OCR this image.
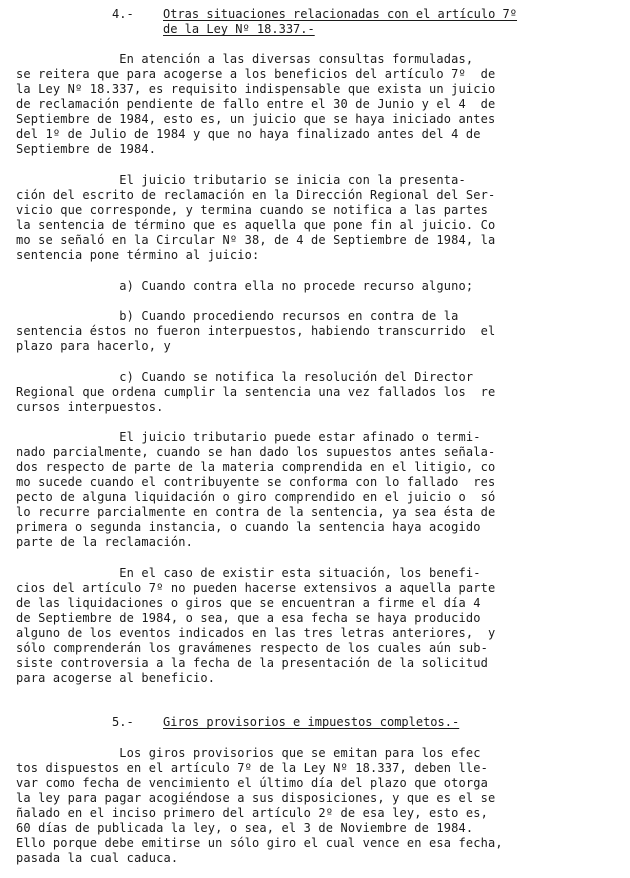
4.- Otras situaciones relacionadas con el artículo 7º
de la Ley Nº 18.337.-
En atención a las diversas consultas formuladas,
se reitera que para acogerse a los beneficios del artículo 7º  de
la Ley Nº 18.337, es requisito indispensable que exista un juicio
de reclamación pendiente de fallo entre el 30 de Junio y el 4  de
Septiembre de 1984, esto es, un juicio que se haya iniciado antes
del 1º de Julio de 1984 y que no haya finalizado antes del 4 de
Septiembre de 1984.
El juicio tributario se inicia con la presenta-
ción del escrito de reclamación en la Dirección Regional del Ser-
vicio que corresponde, y termina cuando se notifica a las partes
la sentencia de término que es aquella que pone fin al juicio. Co
mo se señaló en la Circular Nº 38, de 4 de Septiembre de 1984, la
sentencia pone término al juicio:
a) Cuando contra ella no procede recurso alguno;
b) Cuando procediendo recursos en contra de la
sentencia éstos no fueron interpuestos, habiendo transcurrido  el
plazo para hacerlo, y
c) Cuando se notifica la resolución del Director
Regional que ordena cumplir la sentencia una vez fallados los  re
cursos interpuestos.
El juicio tributario puede estar afinado o termi-
nado parcialmente, cuando se han dado los supuestos antes señala-
dos respecto de parte de la materia comprendida en el litigio, co
mo sucede cuando el contribuyente se conforma con lo fallado  res
pecto de alguna liquidación o giro comprendido en el juicio o  só
lo recurre parcialmente en contra de la sentencia, ya sea ésta de
primera o segunda instancia, o cuando la sentencia haya acogido
parte de la reclamación.
En el caso de existir esta situación, los benefi-
cios del artículo 7º no pueden hacerse extensivos a aquella parte
de las liquidaciones o giros que se encuentran a firme el día 4
de Septiembre de 1984, o sea, que a esa fecha se haya producido
alguno de los eventos indicados en las tres letras anteriores,  y
sólo comprenderán los gravámenes respecto de los cuales aún sub-
siste controversia a la fecha de la presentación de la solicitud
para acogerse al beneficio.
5.- Giros provisorios e impuestos completos.-
Los giros provisorios que se emitan para los efec
tos dispuestos en el artículo 7º de la Ley Nº 18.337, deben lle-
var como fecha de vencimiento el último día del plazo que otorga
la ley para pagar acogiéndose a sus disposiciones, y que es el se
ñalado en el inciso primero del artículo 2º de esa ley, esto es,
60 días de publicada la ley, o sea, el 3 de Noviembre de 1984.
Ello porque debe emitirse un sólo giro el cual vence en esa fecha,
pasada la cual caduca.
